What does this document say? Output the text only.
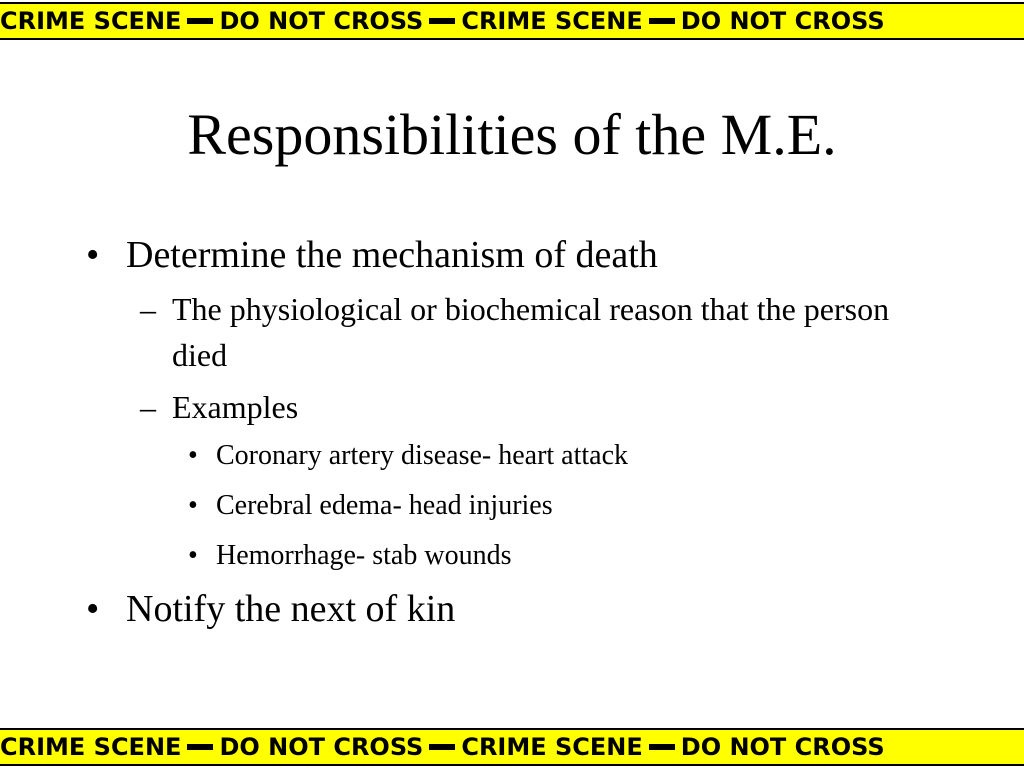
CRIME SCENE DO NOT CROSS CRIME SCENE DO NOT CROSS
Responsibilities of the M.E.
• Determine the mechanism of death
– The physiological or biochemical reason that the person died
– Examples
• Coronary artery disease- heart attack
• Cerebral edema- head injuries
• Hemorrhage- stab wounds
• Notify the next of kin
CRIME SCENE DO NOT CROSS CRIME SCENE DO NOT CROSS
